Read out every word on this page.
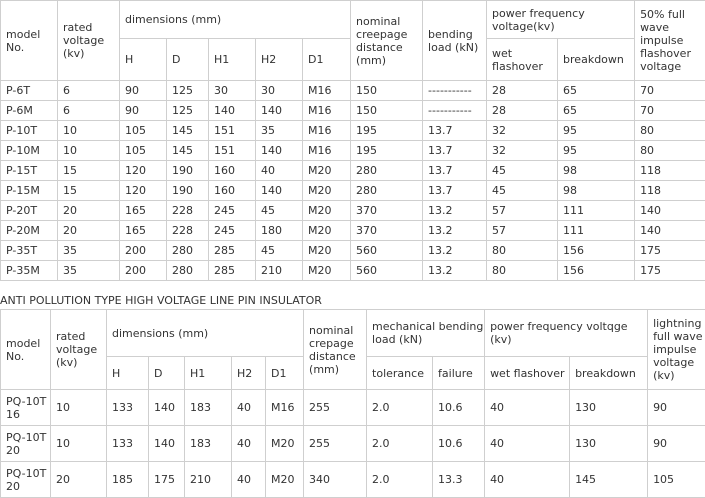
model No.	rated voltage (kv)	dimensions (mm)					nominal creepage distance (mm)	bending load (kN)	power frequency voltage(kv)		50% full wave impulse flashover voltage
		H	D	H1	H2	D1			wet flashover	breakdown	
P-6T	6	90	125	30	30	M16	150	-----------	28	65	70
P-6M	6	90	125	140	140	M16	150	-----------	28	65	70
P-10T	10	105	145	151	35	M16	195	13.7	32	95	80
P-10M	10	105	145	151	140	M16	195	13.7	32	95	80
P-15T	15	120	190	160	40	M20	280	13.7	45	98	118
P-15M	15	120	190	160	140	M20	280	13.7	45	98	118
P-20T	20	165	228	245	45	M20	370	13.2	57	111	140
P-20M	20	165	228	245	180	M20	370	13.2	57	111	140
P-35T	35	200	280	285	45	M20	560	13.2	80	156	175
P-35M	35	200	280	285	210	M20	560	13.2	80	156	175
ANTI POLLUTION TYPE HIGH VOLTAGE LINE PIN INSULATOR
model No.	rated voltage (kv)	dimensions (mm)					nominal crepage distance (mm)	mechanical bending load (kN)		power frequency voltqge (kv)		lightning full wave impulse voltage (kv)
		H	D	H1	H2	D1		tolerance	failure	wet flashover	breakdown	
PQ-10T16	10	133	140	183	40	M16	255	2.0	10.6	40	130	90
PQ-10T20	10	133	140	183	40	M20	255	2.0	10.6	40	130	90
PQ-10T20	20	185	175	210	40	M20	340	2.0	13.3	40	145	105
